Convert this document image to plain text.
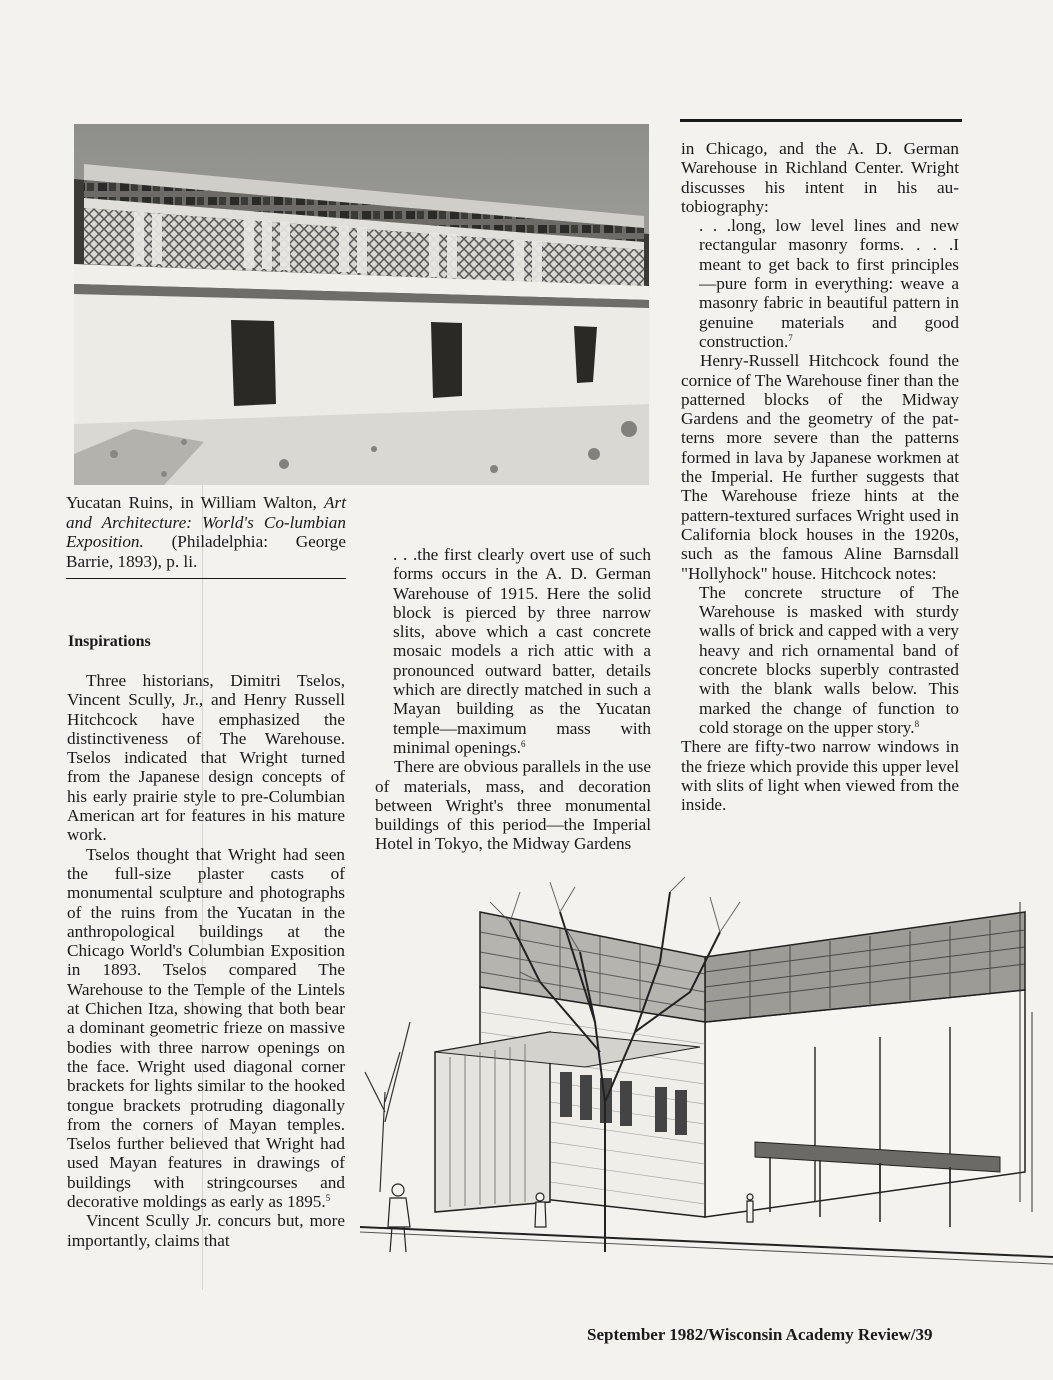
Yucatan Ruins, in William Walton, Art and Architecture: World's Co-lumbian Exposition. (Philadelphia: George Barrie, 1893), p. li.

Inspirations

Three historians, Dimitri Tselos, Vincent Scully, Jr., and Henry Russell Hitchcock have emphasized the distinctiveness of The Warehouse. Tselos indicated that Wright turned from the Japanese design concepts of his early prairie style to pre-Columbian American art for features in his mature work.

Tselos thought that Wright had seen the full-size plaster casts of monumental sculpture and photographs of the ruins from the Yucatan in the anthropological buildings at the Chicago World's Columbian Exposition in 1893. Tselos compared The Warehouse to the Temple of the Lintels at Chichen Itza, showing that both bear a dominant geometric frieze on massive bodies with three narrow openings on the face. Wright used diagonal corner brackets for lights similar to the hooked tongue brackets protruding diagonally from the corners of Mayan temples. Tselos further believed that Wright had used Mayan features in drawings of buildings with stringcourses and decorative moldings as early as 1895.$^5$

Vincent Scully Jr. concurs but, more importantly, claims that

. . .the first clearly overt use of such forms occurs in the A. D. German Warehouse of 1915. Here the solid block is pierced by three narrow slits, above which a cast concrete mosaic models a rich attic with a pronounced outward batter, details which are directly matched in such a Mayan building as the Yucatan temple—maximum mass with minimal openings.$^6$

There are obvious parallels in the use of materials, mass, and decoration between Wright's three monumental buildings of this period—the Imperial Hotel in Tokyo, the Midway Gardens

in Chicago, and the A. D. German Warehouse in Richland Center. Wright discusses his intent in his autobiography:

. . .long, low level lines and new rectangular masonry forms. . . .I meant to get back to first principles—pure form in everything: weave a masonry fabric in beautiful pattern in genuine materials and good construction.$^7$

Henry-Russell Hitchcock found the cornice of The Warehouse finer than the patterned blocks of the Midway Gardens and the geometry of the patterns more severe than the patterns formed in lava by Japanese workmen at the Imperial. He further suggests that The Warehouse frieze hints at the pattern-textured surfaces Wright used in California block houses in the 1920s, such as the famous Aline Barnsdall "Hollyhock" house. Hitchcock notes:

The concrete structure of The Warehouse is masked with sturdy walls of brick and capped with a very heavy and rich ornamental band of concrete blocks superbly contrasted with the blank walls below. This marked the change of function to cold storage on the upper story.$^8$

There are fifty-two narrow windows in the frieze which provide this upper level with slits of light when viewed from the inside.

September 1982/Wisconsin Academy Review/39
